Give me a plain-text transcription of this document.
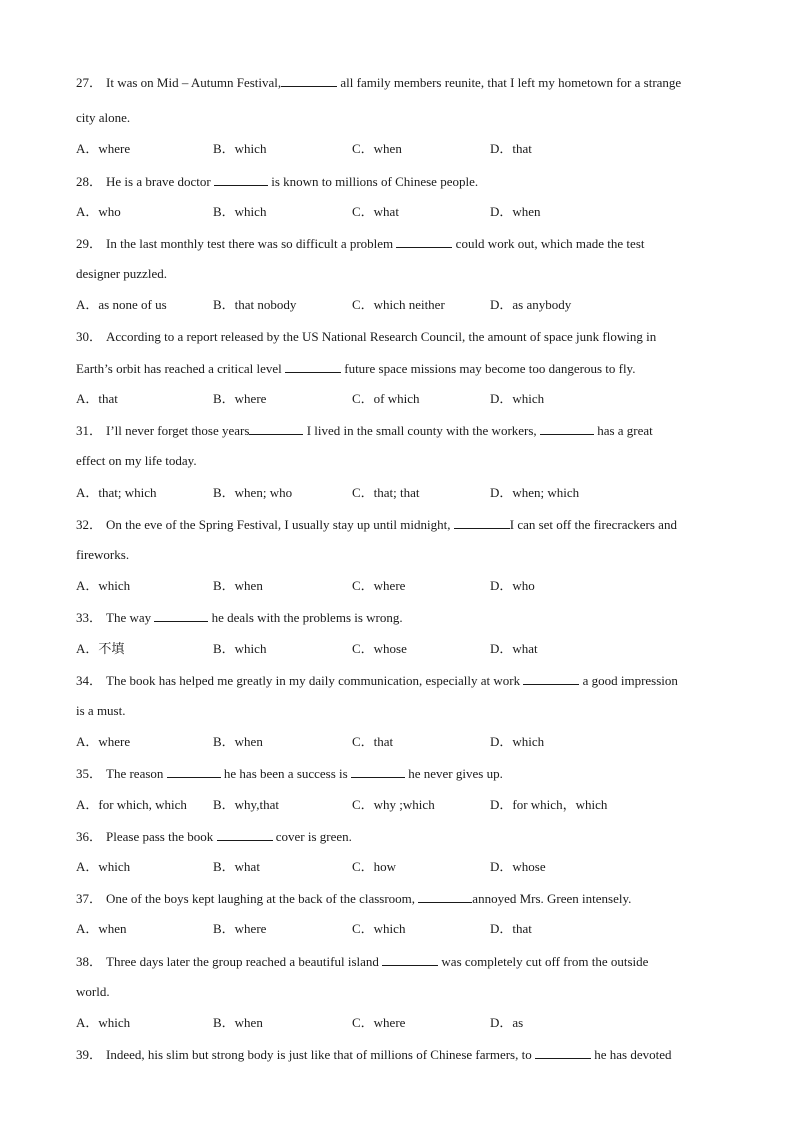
27． It was on Mid – Autumn Festival,	all family members reunite, that I left my hometown for a strange
city alone.
A．where	B．which	C．when	D．that
28． He is a brave doctor	is known to millions of Chinese people.
A．who	B．which	C．what	D．when
29． In the last monthly test there was so difficult a problem	could work out, which made the test
designer puzzled.
A．as none of us	B．that nobody	C．which neither	D．as anybody
30． According to a report released by the US National Research Council, the amount of space junk flowing in
Earth’s orbit has reached a critical level	future space missions may become too dangerous to fly.
A．that	B．where	C．of which	D．which
31． I’ll never forget those years	I lived in the small county with the workers,	has a great
effect on my life today.
A．that; which	B．when; who	C．that; that	D．when; which
32． On the eve of the Spring Festival, I usually stay up until midnight,	I can set off the firecrackers and
fireworks.
A．which	B．when	C．where	D．who
33． The way	he deals with the problems is wrong.
A．不填	B．which	C．whose	D．what
34． The book has helped me greatly in my daily communication, especially at work	a good impression
is a must.
A．where	B．when	C．that	D．which
35． The reason	he has been a success is	he never gives up.
A．for which, which B．why,that	C．why ;which	D．for which，which
36． Please pass the book	cover is green.
A．which	B．what	C．how	D．whose
37． One of the boys kept laughing at the back of the classroom,	annoyed Mrs. Green intensely.
A．when	B．where	C．which	D．that
38． Three days later the group reached a beautiful island	was completely cut off from the outside
world.
A．which	B．when	C．where	D．as
39． Indeed, his slim but strong body is just like that of millions of Chinese farmers, to	he has devoted
